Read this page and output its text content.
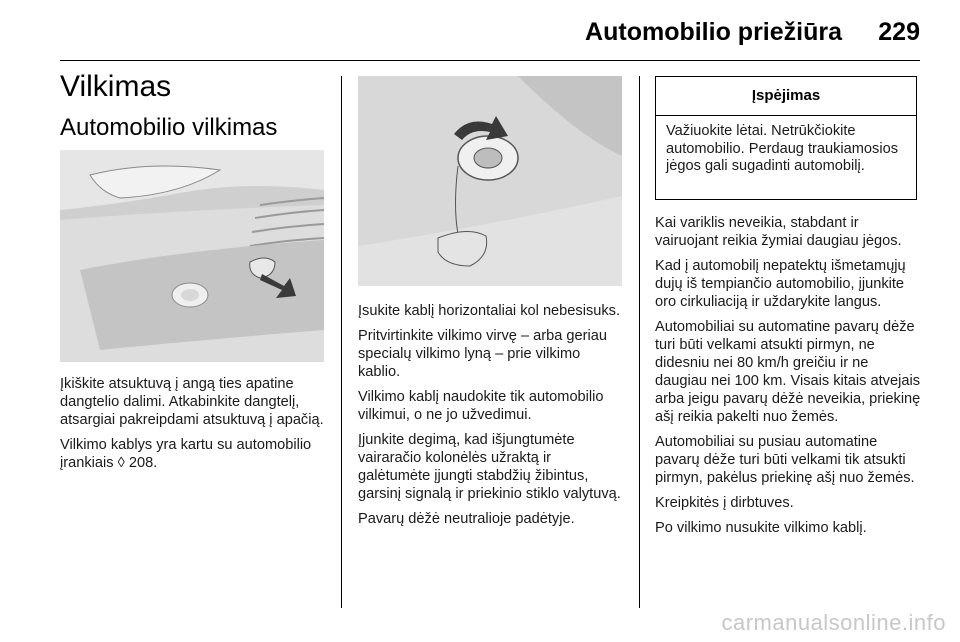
Automobilio priežiūra 229
Vilkimas
Automobilio vilkimas

Įkiškite atsuktuvą į angą ties apatine dangtelio dalimi. Atkabinkite dangtelį, atsargiai pakreipdami atsuktuvą į apačią.

Vilkimo kablys yra kartu su automobilio įrankiais ◊ 208.

Įsukite kablį horizontaliai kol nebesisuks.

Pritvirtinkite vilkimo virvę – arba geriau specialų vilkimo lyną – prie vilkimo kablio.

Vilkimo kablį naudokite tik automobilio vilkimui, o ne jo užvedimui.

Įjunkite degimą, kad išjungtumėte vairaračio kolonėlės užraktą ir galėtumėte įjungti stabdžių žibintus, garsinį signalą ir priekinio stiklo valytuvą.

Pavarų dėžė neutralioje padėtyje.

Įspėjimas
Važiuokite lėtai. Netrūkčiokite automobilio. Perdaug traukiamosios jėgos gali sugadinti automobilį.

Kai variklis neveikia, stabdant ir vairuojant reikia žymiai daugiau jėgos.

Kad į automobilį nepatektų išmetamųjų dujų iš tempiančio automobilio, įjunkite oro cirkuliaciją ir uždarykite langus.

Automobiliai su automatine pavarų dėže turi būti velkami atsukti pirmyn, ne didesniu nei 80 km/h greičiu ir ne daugiau nei 100 km. Visais kitais atvejais arba jeigu pavarų dėžė neveikia, priekinę ašį reikia pakelti nuo žemės.

Automobiliai su pusiau automatine pavarų dėže turi būti velkami tik atsukti pirmyn, pakėlus priekinę ašį nuo žemės.

Kreipkitės į dirbtuves.

Po vilkimo nusukite vilkimo kablį.

carmanualsonline.info
